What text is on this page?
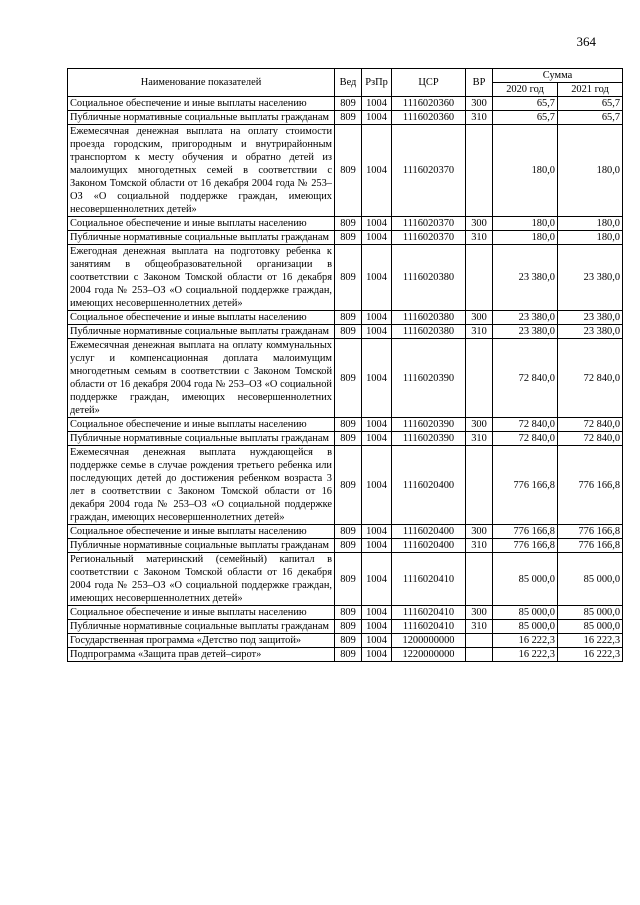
364
Наименование показателей	Вед	РзПр	ЦСР	ВР	Сумма	
					2020 год	2021 год
Социальное обеспечение и иные выплаты населению	809	1004	1116020360	300	65,7	65,7
Публичные нормативные социальные выплаты гражданам	809	1004	1116020360	310	65,7	65,7
Ежемесячная денежная выплата на оплату стоимости проезда городским, пригородным и внутрирайонным транспортом к месту обучения и обратно детей из малоимущих многодетных семей в соответствии с Законом Томской области от 16 декабря 2004 года № 253–ОЗ «О социальной поддержке граждан, имеющих несовершеннолетних детей»	809	1004	1116020370		180,0	180,0
Социальное обеспечение и иные выплаты населению	809	1004	1116020370	300	180,0	180,0
Публичные нормативные социальные выплаты гражданам	809	1004	1116020370	310	180,0	180,0
Ежегодная денежная выплата на подготовку ребенка к занятиям в общеобразовательной организации в соответствии с Законом Томской области от 16 декабря 2004 года № 253–ОЗ «О социальной поддержке граждан, имеющих несовершеннолетних детей»	809	1004	1116020380		23 380,0	23 380,0
Социальное обеспечение и иные выплаты населению	809	1004	1116020380	300	23 380,0	23 380,0
Публичные нормативные социальные выплаты гражданам	809	1004	1116020380	310	23 380,0	23 380,0
Ежемесячная денежная выплата на оплату коммунальных услуг и компенсационная доплата малоимущим многодетным семьям в соответствии с Законом Томской области от 16 декабря 2004 года № 253–ОЗ «О социальной поддержке граждан, имеющих несовершеннолетних детей»	809	1004	1116020390		72 840,0	72 840,0
Социальное обеспечение и иные выплаты населению	809	1004	1116020390	300	72 840,0	72 840,0
Публичные нормативные социальные выплаты гражданам	809	1004	1116020390	310	72 840,0	72 840,0
Ежемесячная денежная выплата нуждающейся в поддержке семье в случае рождения третьего ребенка или последующих детей до достижения ребенком возраста 3 лет в соответствии с Законом Томской области от 16 декабря 2004 года № 253–ОЗ «О социальной поддержке граждан, имеющих несовершеннолетних детей»	809	1004	1116020400		776 166,8	776 166,8
Социальное обеспечение и иные выплаты населению	809	1004	1116020400	300	776 166,8	776 166,8
Публичные нормативные социальные выплаты гражданам	809	1004	1116020400	310	776 166,8	776 166,8
Региональный материнский (семейный) капитал в соответствии с Законом Томской области от 16 декабря 2004 года № 253–ОЗ «О социальной поддержке граждан, имеющих несовершеннолетних детей»	809	1004	1116020410		85 000,0	85 000,0
Социальное обеспечение и иные выплаты населению	809	1004	1116020410	300	85 000,0	85 000,0
Публичные нормативные социальные выплаты гражданам	809	1004	1116020410	310	85 000,0	85 000,0
Государственная программа «Детство под защитой»	809	1004	1200000000		16 222,3	16 222,3
Подпрограмма «Защита прав детей–сирот»	809	1004	1220000000		16 222,3	16 222,3
